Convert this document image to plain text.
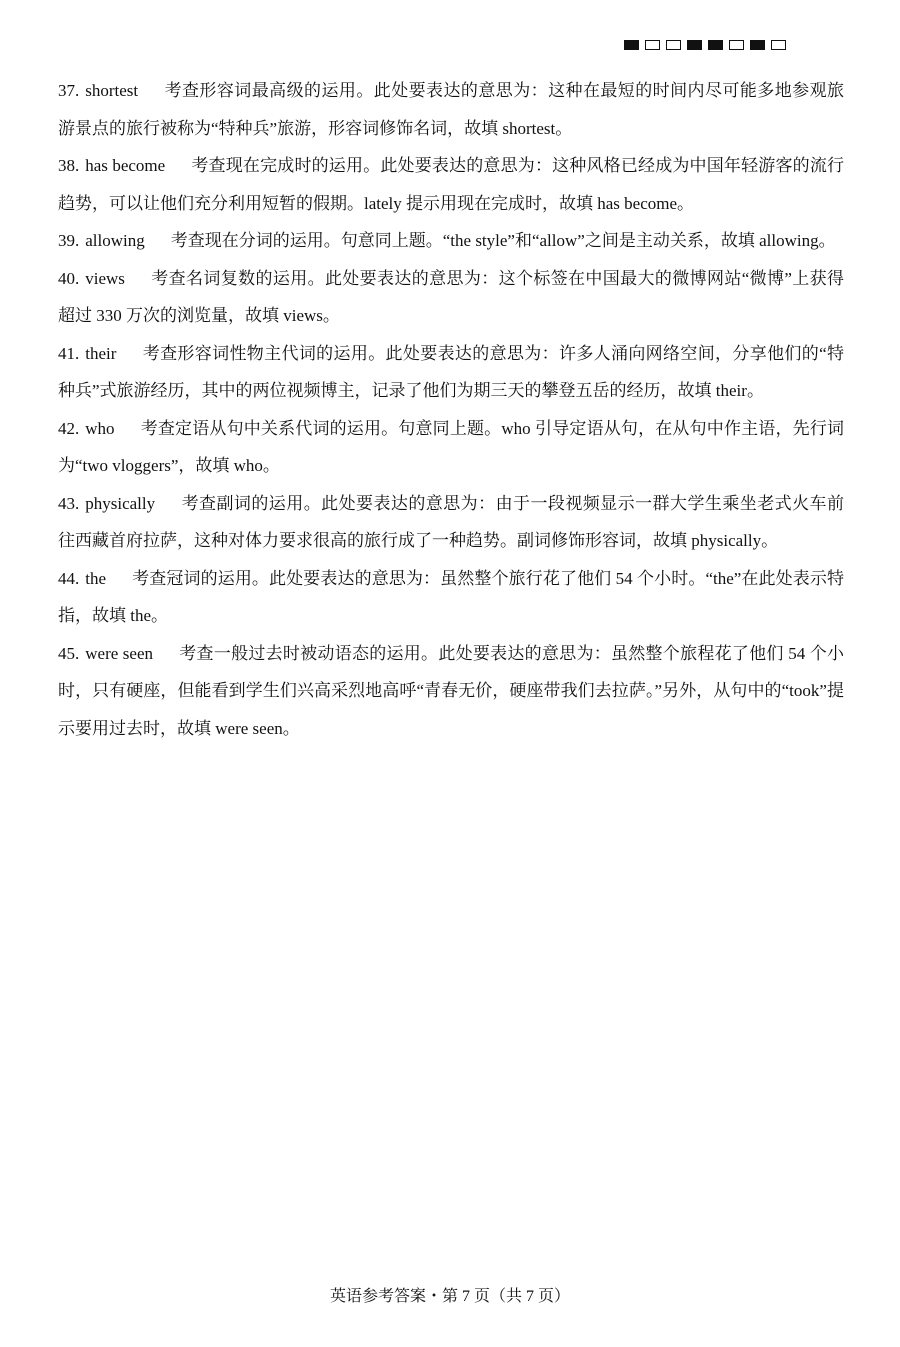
37. shortest 考查形容词最高级的运用。此处要表达的意思为：这种在最短的时间内尽可能多地参观旅游景点的旅行被称为“特种兵”旅游，形容词修饰名词，故填 shortest。

38. has become 考查现在完成时的运用。此处要表达的意思为：这种风格已经成为中国年轻游客的流行趋势，可以让他们充分利用短暂的假期。lately 提示用现在完成时，故填 has become。

39. allowing 考查现在分词的运用。句意同上题。“the style”和“allow”之间是主动关系，故填 allowing。

40. views 考查名词复数的运用。此处要表达的意思为：这个标签在中国最大的微博网站“微博”上获得超过 330 万次的浏览量，故填 views。

41. their 考查形容词性物主代词的运用。此处要表达的意思为：许多人涌向网络空间，分享他们的“特种兵”式旅游经历，其中的两位视频博主，记录了他们为期三天的攀登五岳的经历，故填 their。

42. who 考查定语从句中关系代词的运用。句意同上题。who 引导定语从句，在从句中作主语，先行词为“two vloggers”，故填 who。

43. physically 考查副词的运用。此处要表达的意思为：由于一段视频显示一群大学生乘坐老式火车前往西藏首府拉萨，这种对体力要求很高的旅行成了一种趋势。副词修饰形容词，故填 physically。

44. the 考查冠词的运用。此处要表达的意思为：虽然整个旅行花了他们 54 个小时。“the”在此处表示特指，故填 the。

45. were seen 考查一般过去时被动语态的运用。此处要表达的意思为：虽然整个旅程花了他们 54 个小时，只有硬座，但能看到学生们兴高采烈地高呼“青春无价，硬座带我们去拉萨。”另外，从句中的“took”提示要用过去时，故填 were seen。

英语参考答案・第 7 页（共 7 页）
